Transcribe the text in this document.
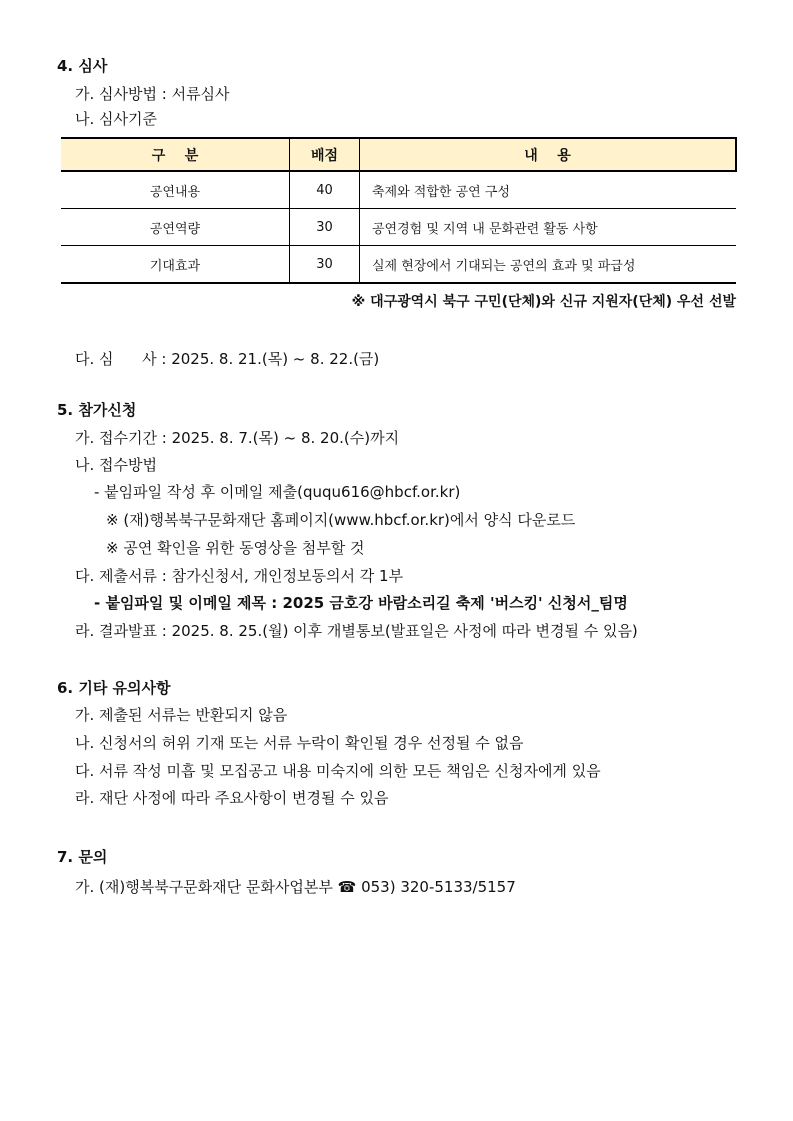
4. 심사
가. 심사방법 : 서류심사
나. 심사기준
구    분	배점	내    용
공연내용	40	축제와 적합한 공연 구성
공연역량	30	공연경험 및 지역 내 문화관련 활동 사항
기대효과	30	실제 현장에서 기대되는 공연의 효과 및 파급성
※ 대구광역시 북구 구민(단체)와 신규 지원자(단체) 우선 선발
다. 심      사 : 2025. 8. 21.(목) ~ 8. 22.(금)
5. 참가신청
가. 접수기간 : 2025. 8. 7.(목) ~ 8. 20.(수)까지
나. 접수방법
- 붙임파일 작성 후 이메일 제출(ququ616@hbcf.or.kr)
※ (재)행복북구문화재단 홈페이지(www.hbcf.or.kr)에서 양식 다운로드
※ 공연 확인을 위한 동영상을 첨부할 것
다. 제출서류 : 참가신청서, 개인정보동의서 각 1부
- 붙임파일 및 이메일 제목 : 2025 금호강 바람소리길 축제 '버스킹' 신청서_팀명
라. 결과발표 : 2025. 8. 25.(월) 이후 개별통보(발표일은 사정에 따라 변경될 수 있음)
6. 기타 유의사항
가. 제출된 서류는 반환되지 않음
나. 신청서의 허위 기재 또는 서류 누락이 확인될 경우 선정될 수 없음
다. 서류 작성 미흡 및 모집공고 내용 미숙지에 의한 모든 책임은 신청자에게 있음
라. 재단 사정에 따라 주요사항이 변경될 수 있음
7. 문의
가. (재)행복북구문화재단 문화사업본부 ☎ 053) 320-5133/5157
